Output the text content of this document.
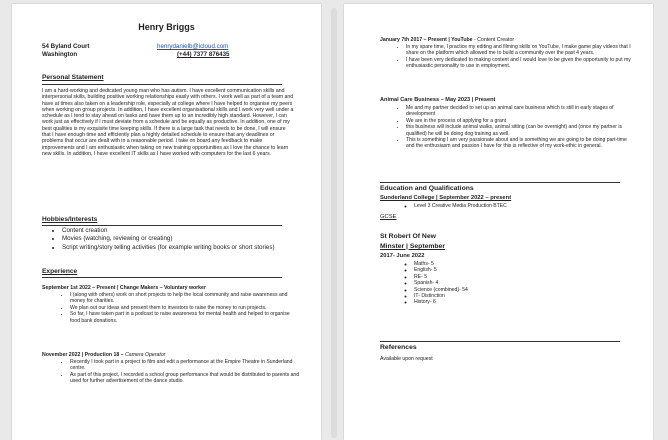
Henry Briggs
54 Byland Court
Washington
henrydanielb@icloud.com
(+44) 7377 876435
Personal Statement

I am a hard-working and dedicated young man who has autism. I have excellent communication skills and interpersonal skills, building positive working relationships easily with others. I work well as part of a team and have at times also taken on a leadership role, especially at college where I have helped to organise my peers when working on group projects. In addition, I have excellent organisational skills and I work very well under a schedule as I tend to stay ahead on tasks and have them up to an incredibly high standard. However, I can work just as effectively if I must deviate from a schedule and be equally as productive. In addition, one of my best qualities is my exquisite time keeping skills. If there is a large task that needs to be done, I will ensure that I have enough time and efficiently plan a highly detailed schedule to ensure that any deadlines or problems that occur are dealt with in a reasonable period. I take on board any feedback to make improvements and I am enthusiastic when taking on new training opportunities as I love the chance to learn new skills. In addition, I have excellent IT skills as I have worked with computers for the last 6 years.

Hobbies/Interests
• Content creation
• Movies (watching, reviewing or creating)
• Script writing/story telling activities (for example writing books or short stories)
Experience
September 1st 2022 – Present | Change Makers – Voluntary worker
• I (along with others) work on short projects to help the local community and raise awareness and money for charities.
• We plan out our ideas and present them to investors to raise the money to run projects.
• So far, I have taken part in a podcast to raise awareness for mental health and helped to organise food bank donations.
November 2022 | Production 18 – Camera Operator
• Recently I took part in a project to film and edit a performance at the Empire Theatre in Sunderland centre.
• As part of this project, I recorded a school group performance that would be distributed to parents and used for further advertisement of the dance studio.
January 7th 2017 – Present | YouTube - Content Creator
• In my spare time, I practice my editing and filming skills on YouTube, I make game play videos that I share on the platform which allowed me to build a community over the past 4 years.
• I have been very dedicated to making content and I would love to be given the opportunity to put my enthusiastic personality to use in employment.
Animal Care Business – May 2023 | Present
• Me and my partner decided to set up an animal care business which is still in early stages of development
• We are in the process of applying for a grant
• this business will include animal walks, animal sitting (can be overnight) and (once my partner is qualified) he will be doing dog training as well.
• This is something I am very passionate about and is something we are going to be doing part-time and the enthusiasm and passion I have for this is reflective of my work-ethic in general.
Education and Qualifications
Sunderland College | September 2022 – present
◦ Level 3 Creative Media Production BTEC
GCSE
St Robert Of New
Minster | September
2017- June 2022
◦ Maths- 5
◦ English- 5
◦ RE- 5
◦ Spanish- 4
◦ Science (combined)- 54
◦ IT- Distinction
◦ History- 6
References
Available upon request
